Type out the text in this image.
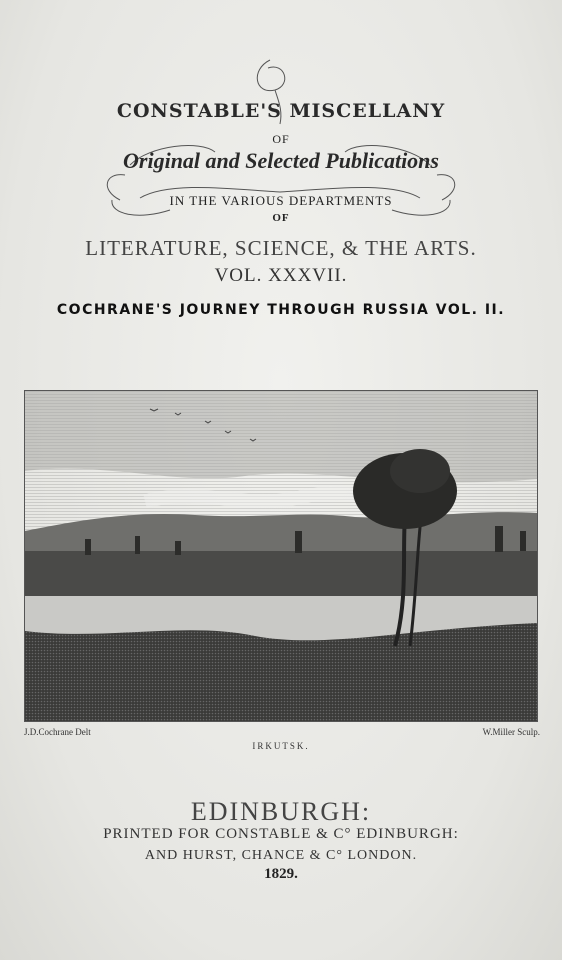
CONSTABLE'S MISCELLANY
OF
Original and Selected Publications
IN THE VARIOUS DEPARTMENTS
OF
LITERATURE, SCIENCE, & THE ARTS.
VOL. XXXVII.
COCHRANE'S JOURNEY THROUGH RUSSIA VOL. II.
J.D.Cochrane Delt	W.Miller Sculp.
IRKUTSK.
EDINBURGH:
PRINTED FOR CONSTABLE & C° EDINBURGH:
AND HURST, CHANCE & C° LONDON.
1829.
